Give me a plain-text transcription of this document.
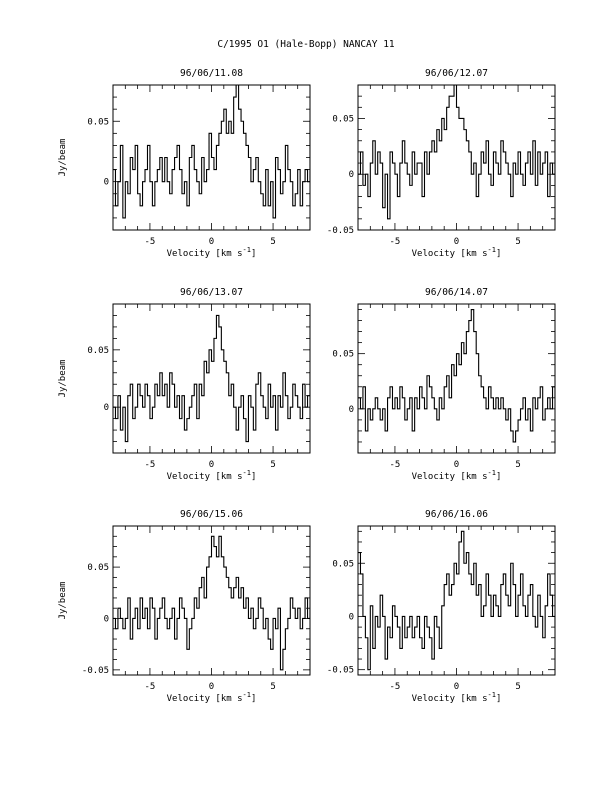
C/1995 O1 (Hale-Bopp) NANCAY 11
96/06/11.08
-5	0	5
0
0.05
Velocity [km $s^{-1}$]
Jy/beam
96/06/12.07
-5	0	5
-0.05
0
0.05
Velocity [km $s^{-1}$]
96/06/13.07
-5	0	5
0
0.05
Velocity [km $s^{-1}$]
Jy/beam
96/06/14.07
-5	0	5
0
0.05
Velocity [km $s^{-1}$]
96/06/15.06
-5	0	5
-0.05
0
0.05
Velocity [km $s^{-1}$]
Jy/beam
96/06/16.06
-5	0	5
-0.05
0
0.05
Velocity [km $s^{-1}$]
